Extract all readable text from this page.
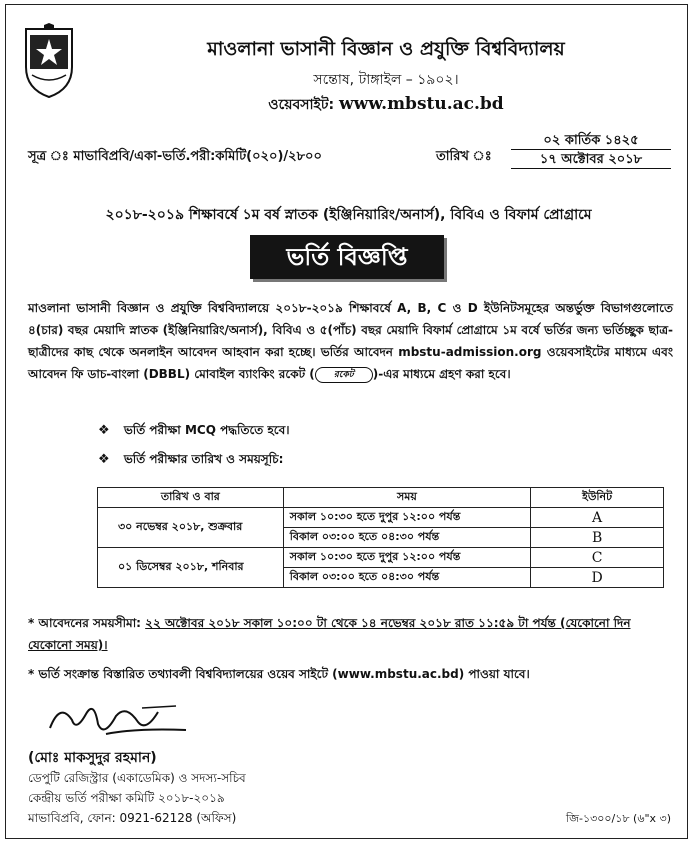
মাওলানা ভাসানী বিজ্ঞান ও প্রযুক্তি বিশ্ববিদ্যালয়
সন্তোষ, টাঙ্গাইল – ১৯০২।
ওয়েবসাইট: www.mbstu.ac.bd
সূত্র ঃ মাভাবিপ্রবি/একা-ভর্তি.পরী:কমিটি(০২০)/২৮০০	তারিখ ঃ
০২ কার্তিক ১৪২৫
১৭ অক্টোবর ২০১৮
২০১৮-২০১৯ শিক্ষাবর্ষে ১ম বর্ষ স্নাতক (ইঞ্জিনিয়ারিং/অনার্স), বিবিএ ও বিফার্ম প্রোগ্রামে
ভর্তি বিজ্ঞপ্তি
মাওলানা ভাসানী বিজ্ঞান ও প্রযুক্তি বিশ্ববিদ্যালয়ে ২০১৮-২০১৯ শিক্ষাবর্ষে A, B, C ও D ইউনিটসমূহের অন্তর্ভুক্ত বিভাগগুলোতে ৪(চার) বছর মেয়াদি স্নাতক (ইঞ্জিনিয়ারিং/অনার্স), বিবিএ ও ৫(পাঁচ) বছর মেয়াদি বিফার্ম প্রোগ্রামে ১ম বর্ষে ভর্তির জন্য ভর্তিচ্ছুক ছাত্র-ছাত্রীদের কাছ থেকে অনলাইন আবেদন আহবান করা হচ্ছে। ভর্তির আবেদন mbstu-admission.org ওয়েবসাইটের মাধ্যমে এবং আবেদন ফি ডাচ-বাংলা (DBBL) মোবাইল ব্যাংকিং রকেট ( রকেট )-এর মাধ্যমে গ্রহণ করা হবে।
❖ ভর্তি পরীক্ষা MCQ পদ্ধতিতে হবে।
❖ ভর্তি পরীক্ষার তারিখ ও সময়সূচি:
তারিখ ও বার	সময়	ইউনিট
৩০ নভেম্বর ২০১৮, শুক্রবার	সকাল ১০:৩০ হতে দুপুর ১২:০০ পর্যন্ত	A
	বিকাল ০৩:০০ হতে ০৪:৩০ পর্যন্ত	B
০১ ডিসেম্বর ২০১৮, শনিবার	সকাল ১০:৩০ হতে দুপুর ১২:০০ পর্যন্ত	C
	বিকাল ০৩:০০ হতে ০৪:৩০ পর্যন্ত	D
* আবেদনের সময়সীমা: ২২ অক্টোবর ২০১৮ সকাল ১০:০০ টা থেকে ১৪ নভেম্বর ২০১৮ রাত ১১:৫৯ টা পর্যন্ত (যেকোনো দিন যেকোনো সময়)।
* ভর্তি সংক্রান্ত বিস্তারিত তথ্যাবলী বিশ্ববিদ্যালয়ের ওয়েব সাইটে (www.mbstu.ac.bd) পাওয়া যাবে।
(মোঃ মাকসুদুর রহমান)
ডেপুটি রেজিস্ট্রার (একাডেমিক) ও সদস্য-সচিব
কেন্দ্রীয় ভর্তি পরীক্ষা কমিটি ২০১৮-২০১৯
মাভাবিপ্রবি, ফোন: 0921-62128 (অফিস)	জি-১৩০০/১৮ (৬"x ৩)
